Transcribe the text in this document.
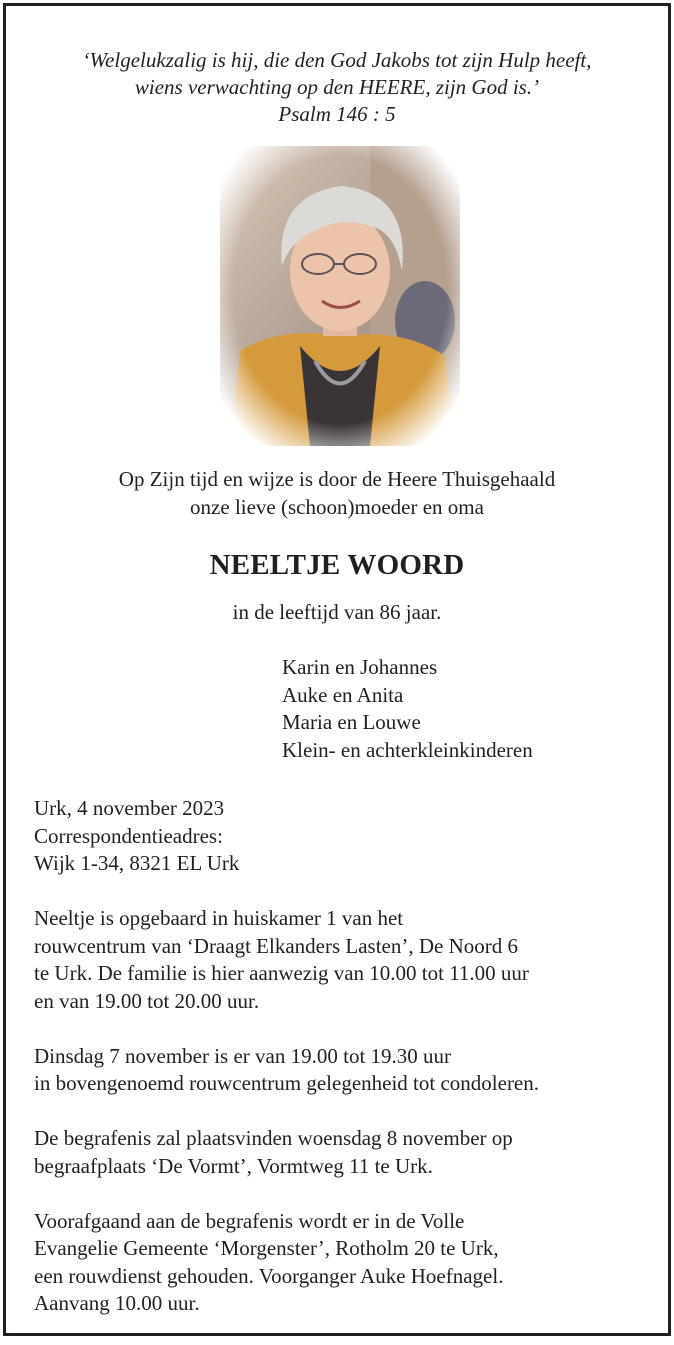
‘Welgelukzalig is hij, die den God Jakobs tot zijn Hulp heeft,
wiens verwachting op den HEERE, zijn God is.’
Psalm 146 : 5
Op Zijn tijd en wijze is door de Heere Thuisgehaald
onze lieve (schoon)moeder en oma
NEELTJE WOORD
in de leeftijd van 86 jaar.
Karin en Johannes
Auke en Anita
Maria en Louwe
Klein- en achterkleinkinderen
Urk, 4 november 2023
Correspondentieadres:
Wijk 1-34, 8321 EL Urk
Neeltje is opgebaard in huiskamer 1 van het
rouwcentrum van ‘Draagt Elkanders Lasten’, De Noord 6
te Urk. De familie is hier aanwezig van 10.00 tot 11.00 uur
en van 19.00 tot 20.00 uur.
Dinsdag 7 november is er van 19.00 tot 19.30 uur
in bovengenoemd rouwcentrum gelegenheid tot condoleren.
De begrafenis zal plaatsvinden woensdag 8 november op
begraafplaats ‘De Vormt’, Vormtweg 11 te Urk.
Voorafgaand aan de begrafenis wordt er in de Volle
Evangelie Gemeente ‘Morgenster’, Rotholm 20 te Urk,
een rouwdienst gehouden. Voorganger Auke Hoefnagel.
Aanvang 10.00 uur.
